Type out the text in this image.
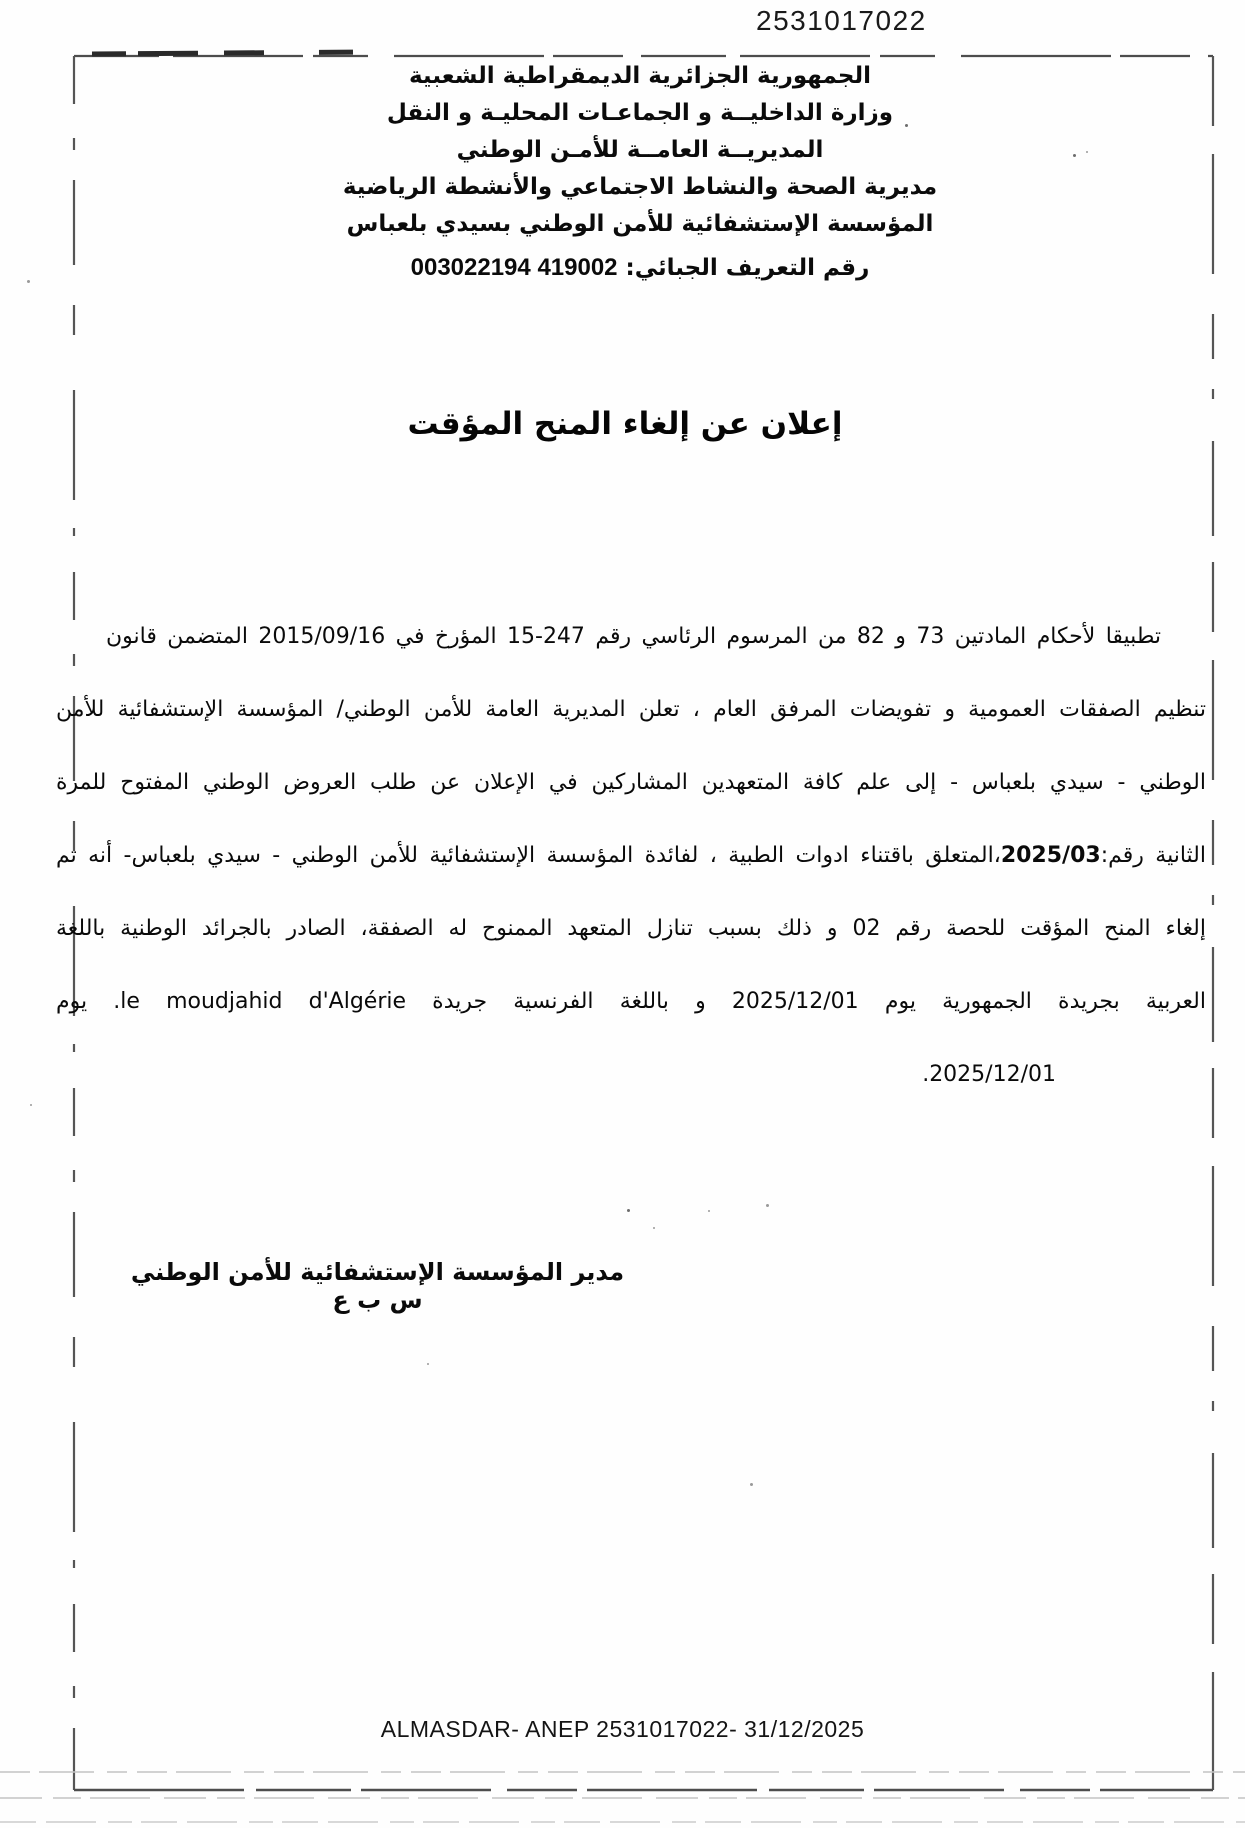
2531017022
الجمهورية الجزائرية الديمقراطية الشعبية
وزارة الداخليــة و الجماعـات المحليـة و النقل
المديريــة العامــة للأمـن الوطني
مديرية الصحة والنشاط الاجتماعي والأنشطة الرياضية
المؤسسة الإستشفائية للأمن الوطني بسيدي بلعباس
رقم التعريف الجبائي: 419002 003022194
إعلان عن إلغاء المنح المؤقت
تطبيقا لأحكام المادتين 73 و 82 من المرسوم الرئاسي رقم 247-15 المؤرخ في 2015/09/16 المتضمن قانون
تنظيم الصفقات العمومية و تفويضات المرفق العام ، تعلن المديرية العامة للأمن الوطني/ المؤسسة الإستشفائية للأمن
الوطني - سيدي بلعباس - إلى علم كافة المتعهدين المشاركين في الإعلان عن طلب العروض الوطني المفتوح للمرة
الثانية رقم:2025/03،المتعلق باقتناء ادوات الطبية ، لفائدة المؤسسة الإستشفائية للأمن الوطني - سيدي بلعباس- أنه تم
إلغاء المنح المؤقت للحصة رقم 02 و ذلك بسبب تنازل المتعهد الممنوح له الصفقة، الصادر بالجرائد الوطنية باللغة
العربية بجريدة الجمهورية يوم 2025/12/01 و باللغة الفرنسية جريدة le moudjahid d'Algérie. يوم
2025/12/01.
مدير المؤسسة الإستشفائية للأمن الوطني س ب ع
ALMASDAR- ANEP 2531017022- 31/12/2025
